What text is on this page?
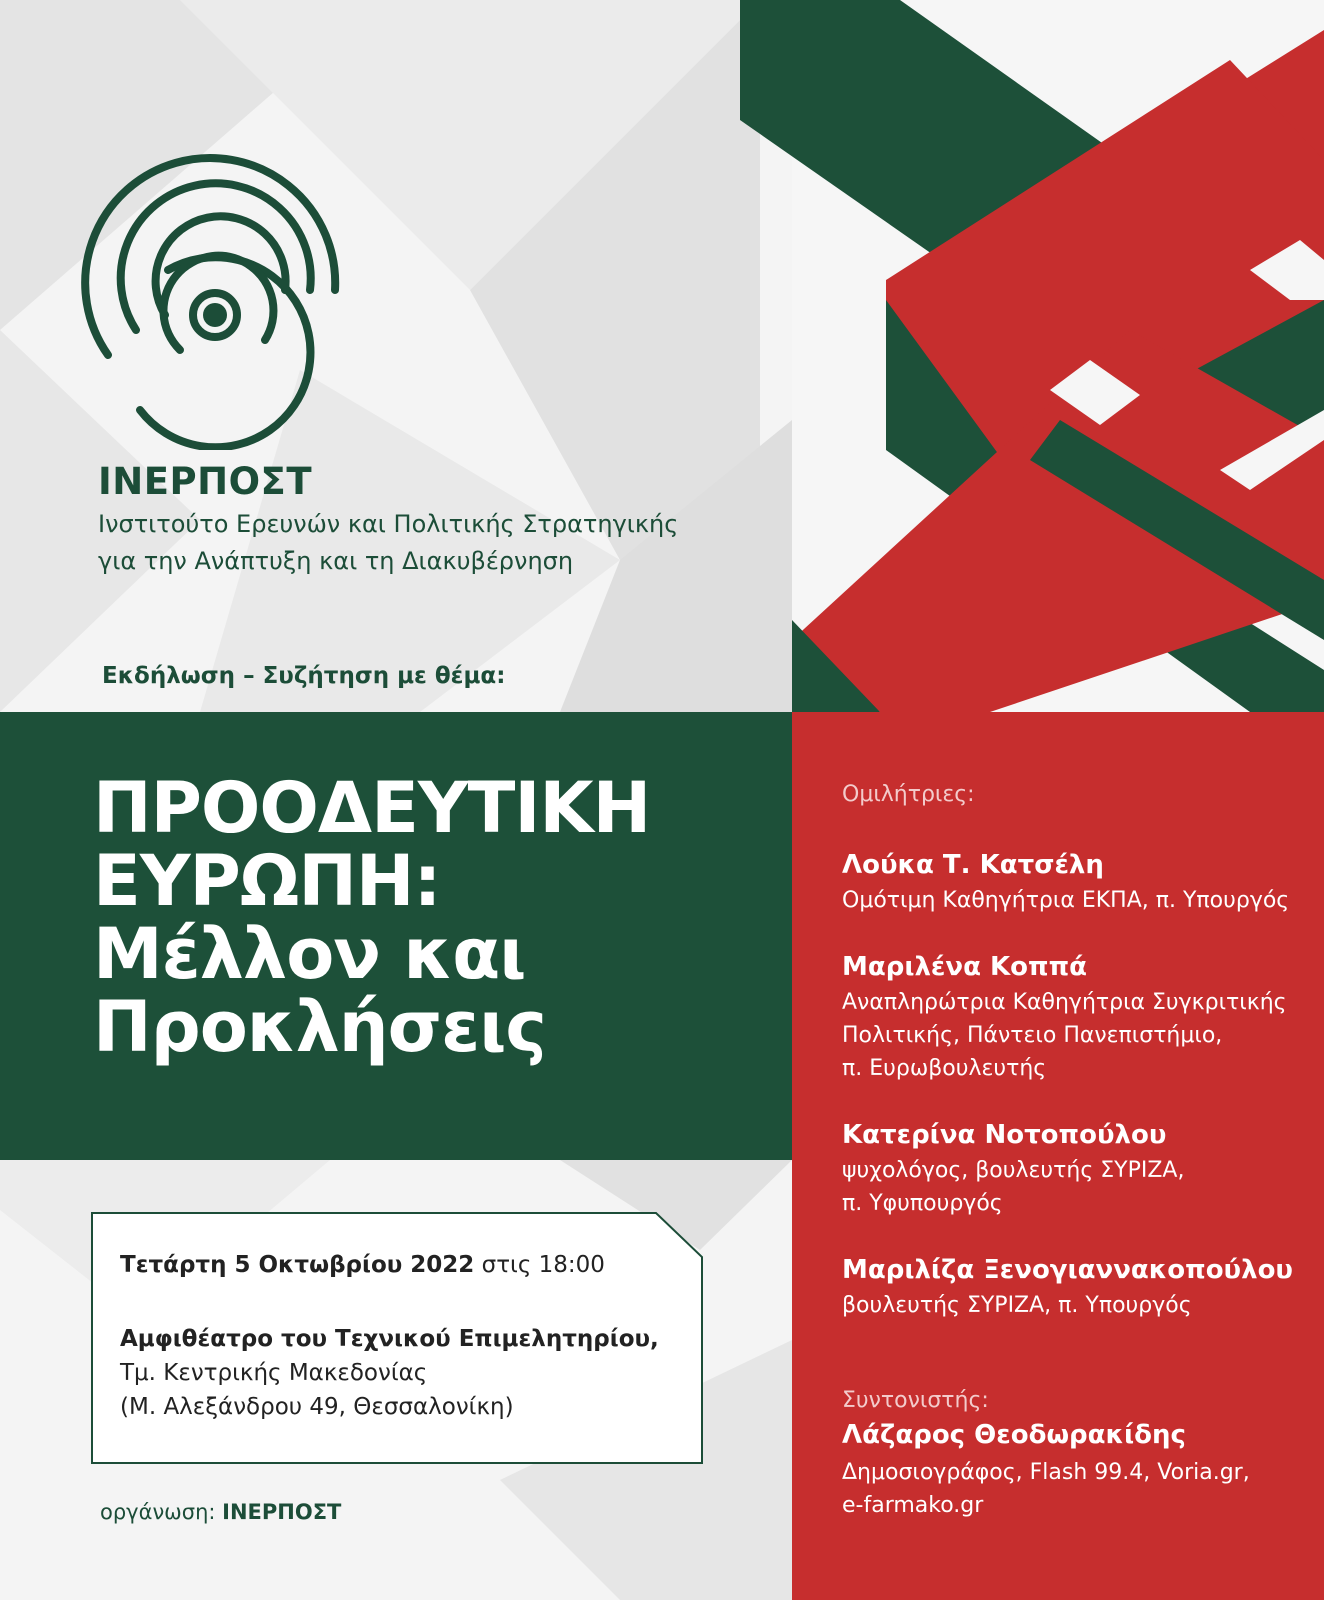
ΙΝΕΡΠΟΣΤ
Ινστιτούτο Ερευνών και Πολιτικής Στρατηγικής
για την Ανάπτυξη και τη Διακυβέρνηση
Εκδήλωση – Συζήτηση με θέμα:
ΠΡΟΟΔΕΥΤΙΚΗ
ΕΥΡΩΠΗ:
Μέλλον και
Προκλήσεις
Ομιλήτριες:
Λούκα Τ. Κατσέλη
Ομότιμη Καθηγήτρια ΕΚΠΑ, π. Υπουργός
Μαριλένα Κοππά
Αναπληρώτρια Καθηγήτρια Συγκριτικής
Πολιτικής, Πάντειο Πανεπιστήμιο,
π. Ευρωβουλευτής
Κατερίνα Νοτοπούλου
ψυχολόγος, βουλευτής ΣΥΡΙΖΑ,
π. Υφυπουργός
Μαριλίζα Ξενογιαννακοπούλου
βουλευτής ΣΥΡΙΖΑ, π. Υπουργός
Συντονιστής:
Λάζαρος Θεοδωρακίδης
Δημοσιογράφος, Flash 99.4, Voria.gr,
e-farmako.gr
Τετάρτη 5 Οκτωβρίου 2022 στις 18:00
Αμφιθέατρο του Τεχνικού Επιμελητηρίου,
Τμ. Κεντρικής Μακεδονίας
(Μ. Αλεξάνδρου 49, Θεσσαλονίκη)
οργάνωση: ΙΝΕΡΠΟΣΤ
